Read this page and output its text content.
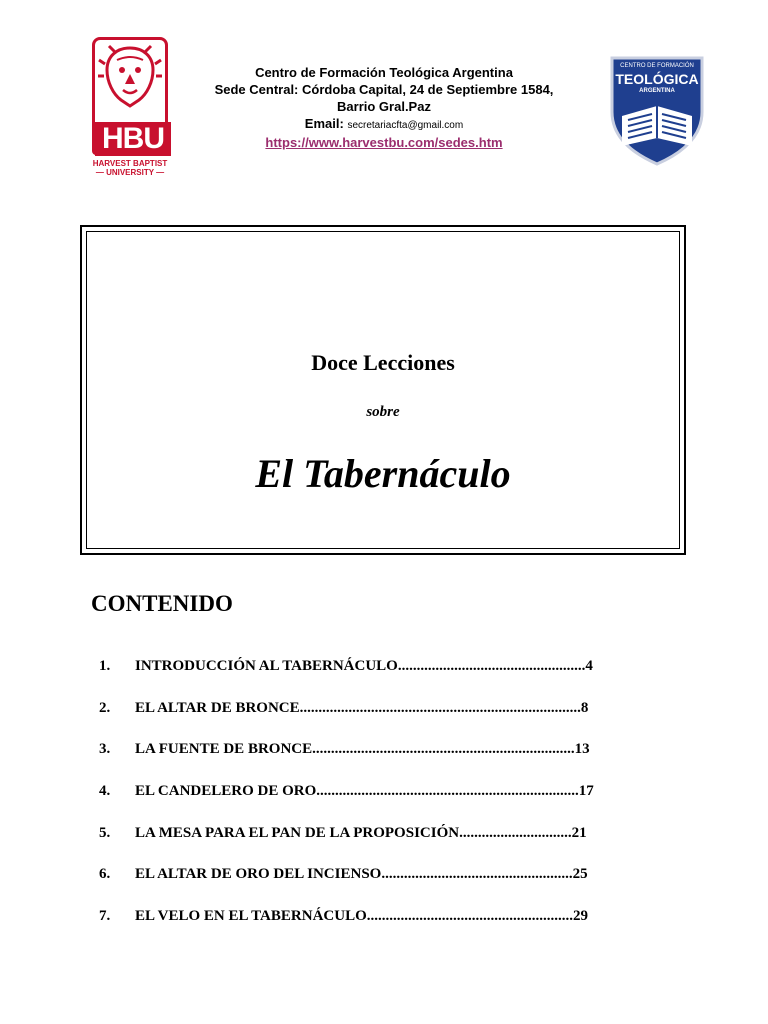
HBU
HARVEST BAPTIST
— UNIVERSITY —
Centro de Formación Teológica Argentina
Sede Central: Córdoba Capital, 24 de Septiembre 1584,
Barrio Gral.Paz
Email: secretariacfta@gmail.com
https://www.harvestbu.com/sedes.htm
CENTRO DE FORMACIÓN
TEOLÓGICA
ARGENTINA
Doce Lecciones
sobre
El Tabernáculo
CONTENIDO
1. INTRODUCCIÓN AL TABERNÁCULO..................................................4
2. EL ALTAR DE BRONCE...........................................................................8
3. LA FUENTE DE BRONCE......................................................................13
4. EL CANDELERO DE ORO......................................................................17
5. LA MESA PARA EL PAN DE LA PROPOSICIÓN..............................21
6. EL ALTAR DE ORO DEL INCIENSO...................................................25
7. EL VELO EN EL TABERNÁCULO.......................................................29
